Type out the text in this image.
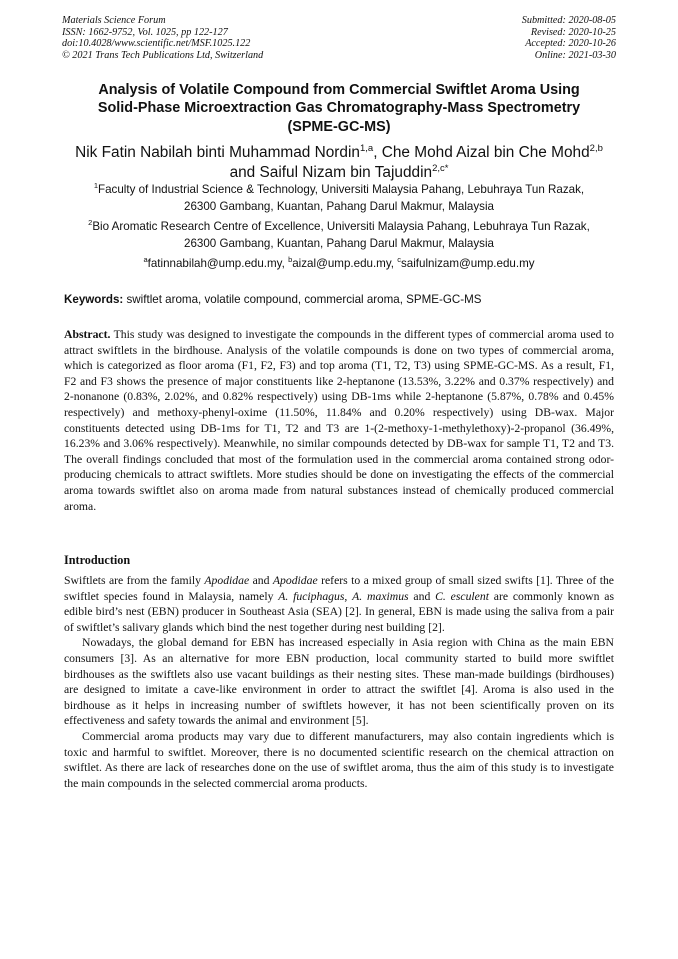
Materials Science Forum
ISSN: 1662-9752, Vol. 1025, pp 122-127
doi:10.4028/www.scientific.net/MSF.1025.122
© 2021 Trans Tech Publications Ltd, Switzerland
Submitted: 2020-08-05
Revised: 2020-10-25
Accepted: 2020-10-26
Online: 2021-03-30
Analysis of Volatile Compound from Commercial Swiftlet Aroma Using
Solid-Phase Microextraction Gas Chromatography-Mass Spectrometry
(SPME-GC-MS)
Nik Fatin Nabilah binti Muhammad Nordin$^{1,a}$, Che Mohd Aizal bin Che Mohd$^{2,b}$
and Saiful Nizam bin Tajuddin$^{2,c*}$
$^1$Faculty of Industrial Science & Technology, Universiti Malaysia Pahang, Lebuhraya Tun Razak,
26300 Gambang, Kuantan, Pahang Darul Makmur, Malaysia
$^2$Bio Aromatic Research Centre of Excellence, Universiti Malaysia Pahang, Lebuhraya Tun Razak,
26300 Gambang, Kuantan, Pahang Darul Makmur, Malaysia
$^a$fatinnabilah@ump.edu.my, $^b$aizal@ump.edu.my, $^c$saifulnizam@ump.edu.my
Keywords: swiftlet aroma, volatile compound, commercial aroma, SPME-GC-MS
Abstract. This study was designed to investigate the compounds in the different types of commercial aroma used to attract swiftlets in the birdhouse. Analysis of the volatile compounds is done on two types of commercial aroma, which is categorized as floor aroma (F1, F2, F3) and top aroma (T1, T2, T3) using SPME-GC-MS. As a result, F1, F2 and F3 shows the presence of major constituents like 2-heptanone (13.53%, 3.22% and 0.37% respectively) and 2-nonanone (0.83%, 2.02%, and 0.82% respectively) using DB-1ms while 2-heptanone (5.87%, 0.78% and 0.45% respectively) and methoxy-phenyl-oxime (11.50%, 11.84% and 0.20% respectively) using DB-wax. Major constituents detected using DB-1ms for T1, T2 and T3 are 1-(2-methoxy-1-methylethoxy)-2-propanol (36.49%, 16.23% and 3.06% respectively). Meanwhile, no similar compounds detected by DB-wax for sample T1, T2 and T3. The overall findings concluded that most of the formulation used in the commercial aroma contained strong odor-producing chemicals to attract swiftlets. More studies should be done on investigating the effects of the commercial aroma towards swiftlet also on aroma made from natural substances instead of chemically produced commercial aroma.
Introduction

Swiftlets are from the family Apodidae and Apodidae refers to a mixed group of small sized swifts [1]. Three of the swiftlet species found in Malaysia, namely A. fuciphagus, A. maximus and C. esculent are commonly known as edible bird’s nest (EBN) producer in Southeast Asia (SEA) [2]. In general, EBN is made using the saliva from a pair of swiftlet’s salivary glands which bind the nest together during nest building [2].

Nowadays, the global demand for EBN has increased especially in Asia region with China as the main EBN consumers [3]. As an alternative for more EBN production, local community started to build more swiftlet birdhouses as the swiftlets also use vacant buildings as their nesting sites. These man-made buildings (birdhouses) are designed to imitate a cave-like environment in order to attract the swiftlet [4]. Aroma is also used in the birdhouse as it helps in increasing number of swiftlets however, it has not been scientifically proven on its effectiveness and safety towards the animal and environment [5].

Commercial aroma products may vary due to different manufacturers, may also contain ingredients which is toxic and harmful to swiftlet. Moreover, there is no documented scientific research on the chemical attraction on swiftlet. As there are lack of researches done on the use of swiftlet aroma, thus the aim of this study is to investigate the main compounds in the selected commercial aroma products.
